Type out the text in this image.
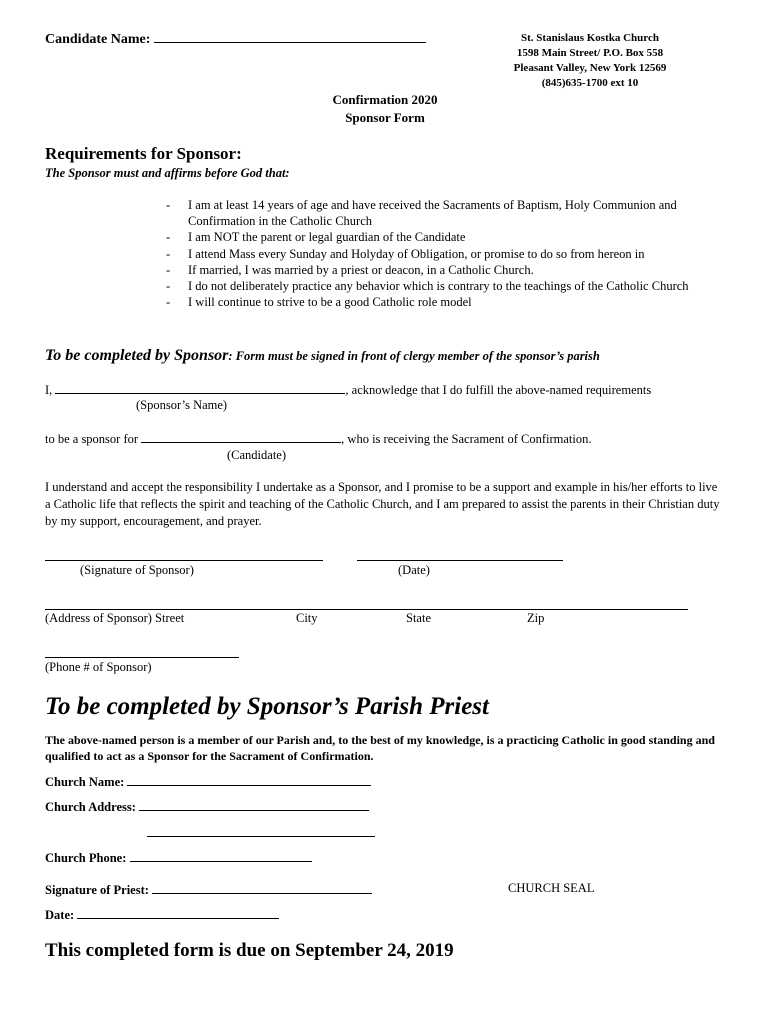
Candidate Name:	St. Stanislaus Kostka Church
1598 Main Street/ P.O. Box 558
Pleasant Valley, New York 12569
(845)635-1700 ext 10
Confirmation 2020
Sponsor Form
Requirements for Sponsor:
The Sponsor must and affirms before God that:
- I am at least 14 years of age and have received the Sacraments of Baptism, Holy Communion and Confirmation in the Catholic Church
- I am NOT the parent or legal guardian of the Candidate
- I attend Mass every Sunday and Holyday of Obligation, or promise to do so from hereon in
- If married, I was married by a priest or deacon, in a Catholic Church.
- I do not deliberately practice any behavior which is contrary to the teachings of the Catholic Church
- I will continue to strive to be a good Catholic role model
To be completed by Sponsor: Form must be signed in front of clergy member of the sponsor’s parish
I,	, acknowledge that I do fulfill the above-named requirements
(Sponsor’s Name)
to be a sponsor for	, who is receiving the Sacrament of Confirmation.
(Candidate)
I understand and accept the responsibility I undertake as a Sponsor, and I promise to be a support and example in his/her efforts to live a Catholic life that reflects the spirit and teaching of the Catholic Church, and I am prepared to assist the parents in their Christian duty by my support, encouragement, and prayer.
(Signature of Sponsor)	(Date)
(Address of Sponsor) Street	City	State	Zip
(Phone # of Sponsor)
To be completed by Sponsor’s Parish Priest
The above-named person is a member of our Parish and, to the best of my knowledge, is a practicing Catholic in good standing and qualified to act as a Sponsor for the Sacrament of Confirmation.
Church Name:
Church Address:
Church Phone:
Signature of Priest:	CHURCH SEAL
Date:
This completed form is due on September 24, 2019
